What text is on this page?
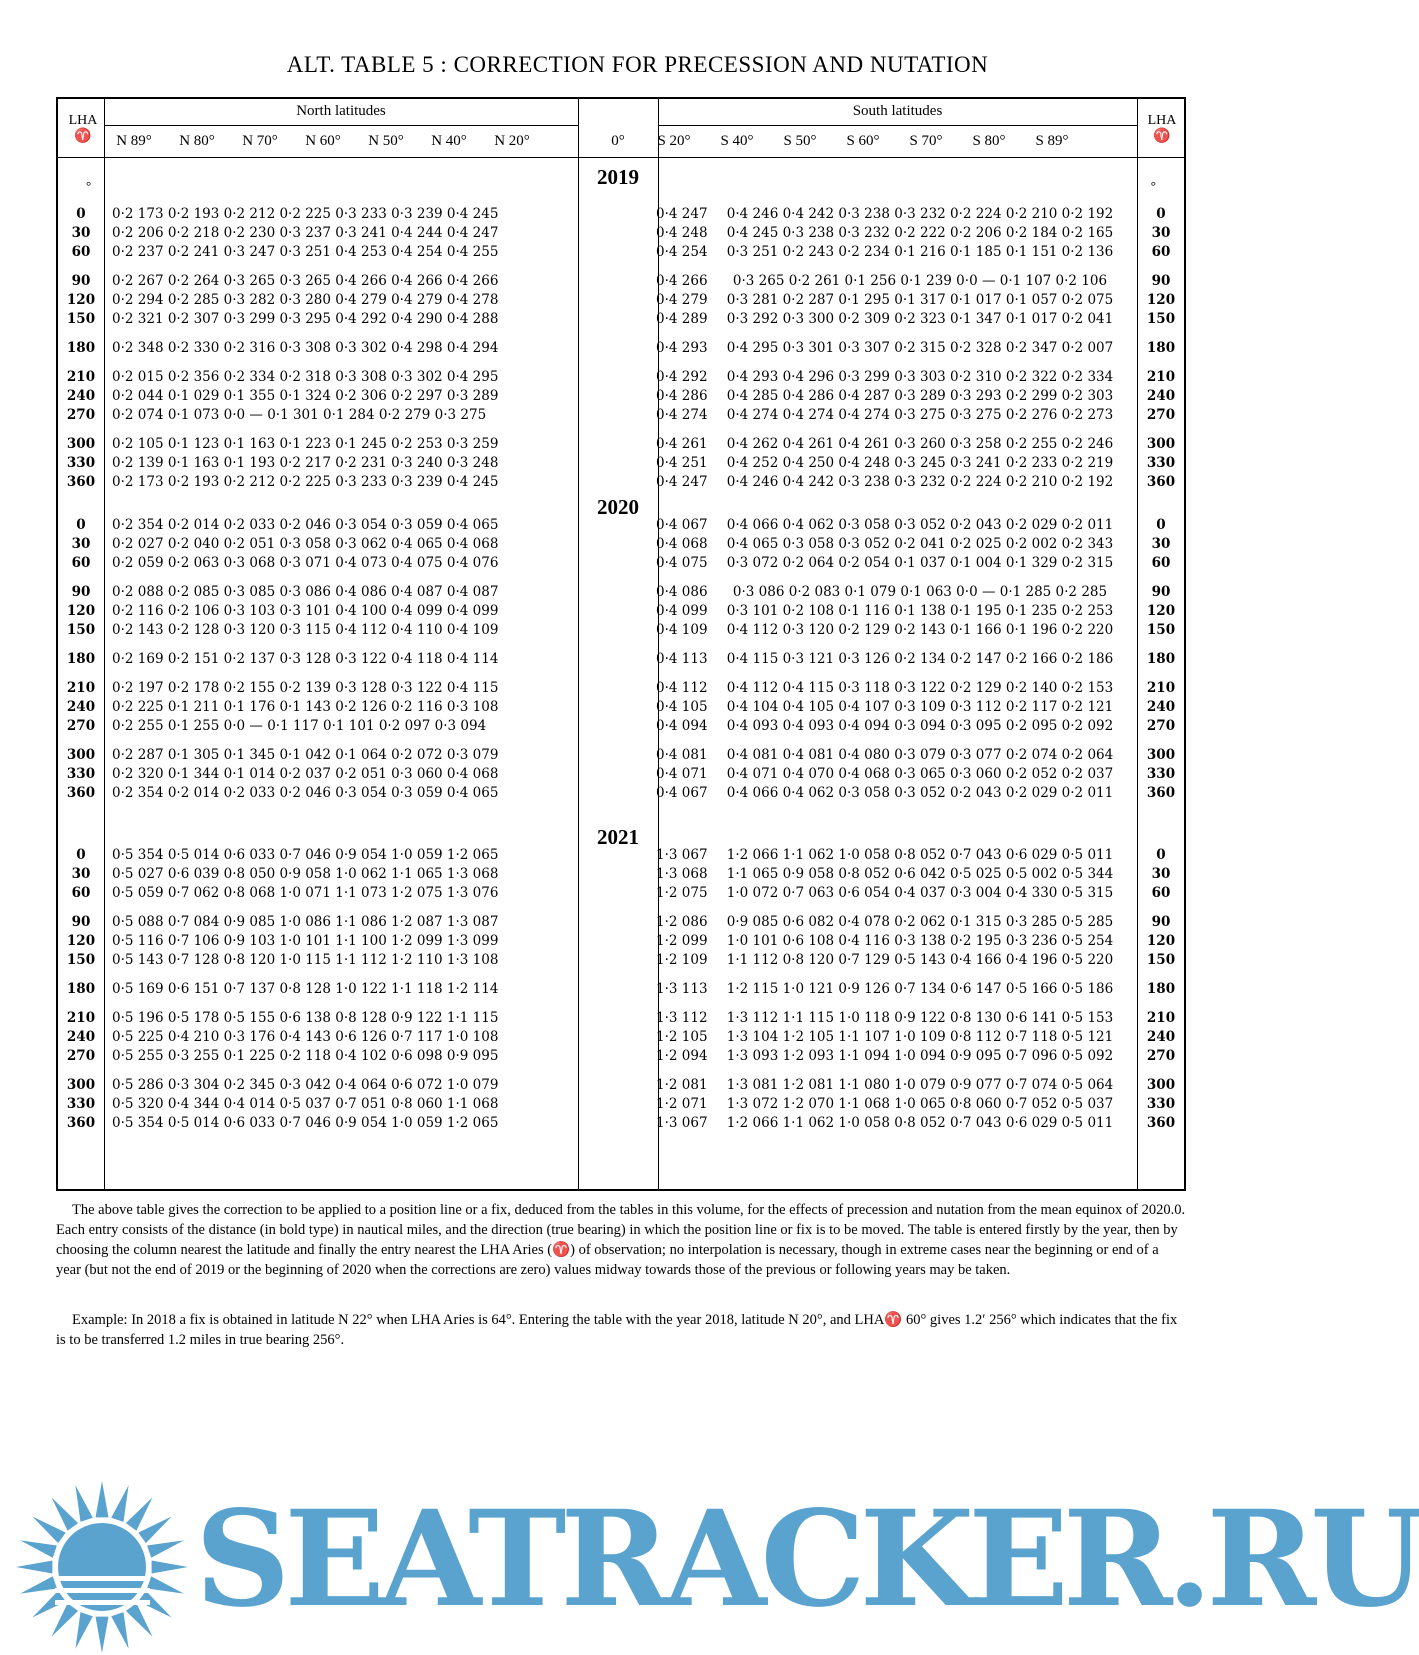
ALT. TABLE 5 : CORRECTION FOR PRECESSION AND NUTATION
LHA
♈
LHA
♈
North latitudes	South latitudes
0°
N 89°	N 80°	N 70°	N 60°	N 50°	N 40°	N 20°	S 20°	S 40°	S 50°	S 60°	S 70°	S 80°	S 89°
°	°
2019
0	0·2 173 0·2 193 0·2 212 0·2 225 0·3 233 0·3 239 0·4 245	0·4 247	0·4 246 0·4 242 0·3 238 0·3 232 0·2 224 0·2 210 0·2 192	0
30	0·2 206 0·2 218 0·2 230 0·3 237 0·3 241 0·4 244 0·4 247	0·4 248	0·4 245 0·3 238 0·3 232 0·2 222 0·2 206 0·2 184 0·2 165	30
60	0·2 237 0·2 241 0·3 247 0·3 251 0·4 253 0·4 254 0·4 255	0·4 254	0·3 251 0·2 243 0·2 234 0·1 216 0·1 185 0·1 151 0·2 136	60
90	0·2 267 0·2 264 0·3 265 0·3 265 0·4 266 0·4 266 0·4 266	0·4 266	0·3 265 0·2 261 0·1 256 0·1 239 0·0 — 0·1 107 0·2 106	90
120	0·2 294 0·2 285 0·3 282 0·3 280 0·4 279 0·4 279 0·4 278	0·4 279	0·3 281 0·2 287 0·1 295 0·1 317 0·1 017 0·1 057 0·2 075	120
150	0·2 321 0·2 307 0·3 299 0·3 295 0·4 292 0·4 290 0·4 288	0·4 289	0·3 292 0·3 300 0·2 309 0·2 323 0·1 347 0·1 017 0·2 041	150
180	0·2 348 0·2 330 0·2 316 0·3 308 0·3 302 0·4 298 0·4 294	0·4 293	0·4 295 0·3 301 0·3 307 0·2 315 0·2 328 0·2 347 0·2 007	180
210	0·2 015 0·2 356 0·2 334 0·2 318 0·3 308 0·3 302 0·4 295	0·4 292	0·4 293 0·4 296 0·3 299 0·3 303 0·2 310 0·2 322 0·2 334	210
240	0·2 044 0·1 029 0·1 355 0·1 324 0·2 306 0·2 297 0·3 289	0·4 286	0·4 285 0·4 286 0·4 287 0·3 289 0·3 293 0·2 299 0·2 303	240
270	0·2 074 0·1 073 0·0 — 0·1 301 0·1 284 0·2 279 0·3 275	0·4 274	0·4 274 0·4 274 0·4 274 0·3 275 0·3 275 0·2 276 0·2 273	270
300	0·2 105 0·1 123 0·1 163 0·1 223 0·1 245 0·2 253 0·3 259	0·4 261	0·4 262 0·4 261 0·4 261 0·3 260 0·3 258 0·2 255 0·2 246	300
330	0·2 139 0·1 163 0·1 193 0·2 217 0·2 231 0·3 240 0·3 248	0·4 251	0·4 252 0·4 250 0·4 248 0·3 245 0·3 241 0·2 233 0·2 219	330
360	0·2 173 0·2 193 0·2 212 0·2 225 0·3 233 0·3 239 0·4 245	0·4 247	0·4 246 0·4 242 0·3 238 0·3 232 0·2 224 0·2 210 0·2 192	360
2020
0	0·2 354 0·2 014 0·2 033 0·2 046 0·3 054 0·3 059 0·4 065	0·4 067	0·4 066 0·4 062 0·3 058 0·3 052 0·2 043 0·2 029 0·2 011	0
30	0·2 027 0·2 040 0·2 051 0·3 058 0·3 062 0·4 065 0·4 068	0·4 068	0·4 065 0·3 058 0·3 052 0·2 041 0·2 025 0·2 002 0·2 343	30
60	0·2 059 0·2 063 0·3 068 0·3 071 0·4 073 0·4 075 0·4 076	0·4 075	0·3 072 0·2 064 0·2 054 0·1 037 0·1 004 0·1 329 0·2 315	60
90	0·2 088 0·2 085 0·3 085 0·3 086 0·4 086 0·4 087 0·4 087	0·4 086	0·3 086 0·2 083 0·1 079 0·1 063 0·0 — 0·1 285 0·2 285	90
120	0·2 116 0·2 106 0·3 103 0·3 101 0·4 100 0·4 099 0·4 099	0·4 099	0·3 101 0·2 108 0·1 116 0·1 138 0·1 195 0·1 235 0·2 253	120
150	0·2 143 0·2 128 0·3 120 0·3 115 0·4 112 0·4 110 0·4 109	0·4 109	0·4 112 0·3 120 0·2 129 0·2 143 0·1 166 0·1 196 0·2 220	150
180	0·2 169 0·2 151 0·2 137 0·3 128 0·3 122 0·4 118 0·4 114	0·4 113	0·4 115 0·3 121 0·3 126 0·2 134 0·2 147 0·2 166 0·2 186	180
210	0·2 197 0·2 178 0·2 155 0·2 139 0·3 128 0·3 122 0·4 115	0·4 112	0·4 112 0·4 115 0·3 118 0·3 122 0·2 129 0·2 140 0·2 153	210
240	0·2 225 0·1 211 0·1 176 0·1 143 0·2 126 0·2 116 0·3 108	0·4 105	0·4 104 0·4 105 0·4 107 0·3 109 0·3 112 0·2 117 0·2 121	240
270	0·2 255 0·1 255 0·0 — 0·1 117 0·1 101 0·2 097 0·3 094	0·4 094	0·4 093 0·4 093 0·4 094 0·3 094 0·3 095 0·2 095 0·2 092	270
300	0·2 287 0·1 305 0·1 345 0·1 042 0·1 064 0·2 072 0·3 079	0·4 081	0·4 081 0·4 081 0·4 080 0·3 079 0·3 077 0·2 074 0·2 064	300
330	0·2 320 0·1 344 0·1 014 0·2 037 0·2 051 0·3 060 0·4 068	0·4 071	0·4 071 0·4 070 0·4 068 0·3 065 0·3 060 0·2 052 0·2 037	330
360	0·2 354 0·2 014 0·2 033 0·2 046 0·3 054 0·3 059 0·4 065	0·4 067	0·4 066 0·4 062 0·3 058 0·3 052 0·2 043 0·2 029 0·2 011	360
2021
0	0·5 354 0·5 014 0·6 033 0·7 046 0·9 054 1·0 059 1·2 065	1·3 067	1·2 066 1·1 062 1·0 058 0·8 052 0·7 043 0·6 029 0·5 011	0
30	0·5 027 0·6 039 0·8 050 0·9 058 1·0 062 1·1 065 1·3 068	1·3 068	1·1 065 0·9 058 0·8 052 0·6 042 0·5 025 0·5 002 0·5 344	30
60	0·5 059 0·7 062 0·8 068 1·0 071 1·1 073 1·2 075 1·3 076	1·2 075	1·0 072 0·7 063 0·6 054 0·4 037 0·3 004 0·4 330 0·5 315	60
90	0·5 088 0·7 084 0·9 085 1·0 086 1·1 086 1·2 087 1·3 087	1·2 086	0·9 085 0·6 082 0·4 078 0·2 062 0·1 315 0·3 285 0·5 285	90
120	0·5 116 0·7 106 0·9 103 1·0 101 1·1 100 1·2 099 1·3 099	1·2 099	1·0 101 0·6 108 0·4 116 0·3 138 0·2 195 0·3 236 0·5 254	120
150	0·5 143 0·7 128 0·8 120 1·0 115 1·1 112 1·2 110 1·3 108	1·2 109	1·1 112 0·8 120 0·7 129 0·5 143 0·4 166 0·4 196 0·5 220	150
180	0·5 169 0·6 151 0·7 137 0·8 128 1·0 122 1·1 118 1·2 114	1·3 113	1·2 115 1·0 121 0·9 126 0·7 134 0·6 147 0·5 166 0·5 186	180
210	0·5 196 0·5 178 0·5 155 0·6 138 0·8 128 0·9 122 1·1 115	1·3 112	1·3 112 1·1 115 1·0 118 0·9 122 0·8 130 0·6 141 0·5 153	210
240	0·5 225 0·4 210 0·3 176 0·4 143 0·6 126 0·7 117 1·0 108	1·2 105	1·3 104 1·2 105 1·1 107 1·0 109 0·8 112 0·7 118 0·5 121	240
270	0·5 255 0·3 255 0·1 225 0·2 118 0·4 102 0·6 098 0·9 095	1·2 094	1·3 093 1·2 093 1·1 094 1·0 094 0·9 095 0·7 096 0·5 092	270
300	0·5 286 0·3 304 0·2 345 0·3 042 0·4 064 0·6 072 1·0 079	1·2 081	1·3 081 1·2 081 1·1 080 1·0 079 0·9 077 0·7 074 0·5 064	300
330	0·5 320 0·4 344 0·4 014 0·5 037 0·7 051 0·8 060 1·1 068	1·2 071	1·3 072 1·2 070 1·1 068 1·0 065 0·8 060 0·7 052 0·5 037	330
360	0·5 354 0·5 014 0·6 033 0·7 046 0·9 054 1·0 059 1·2 065	1·3 067	1·2 066 1·1 062 1·0 058 0·8 052 0·7 043 0·6 029 0·5 011	360
The above table gives the correction to be applied to a position line or a fix, deduced from the tables in this volume, for the effects of precession and nutation from the mean equinox of 2020.0. Each entry consists of the distance (in bold type) in nautical miles, and the direction (true bearing) in which the position line or fix is to be moved. The table is entered firstly by the year, then by choosing the column nearest the latitude and finally the entry nearest the LHA Aries (♈) of observation; no interpolation is necessary, though in extreme cases near the beginning or end of a year (but not the end of 2019 or the beginning of 2020 when the corrections are zero) values midway towards those of the previous or following years may be taken.
Example: In 2018 a fix is obtained in latitude N 22° when LHA Aries is 64°. Entering the table with the year 2018, latitude N 20°, and LHA♈ 60° gives 1.2′ 256° which indicates that the fix is to be transferred 1.2 miles in true bearing 256°.
SEATRACKER.RU
